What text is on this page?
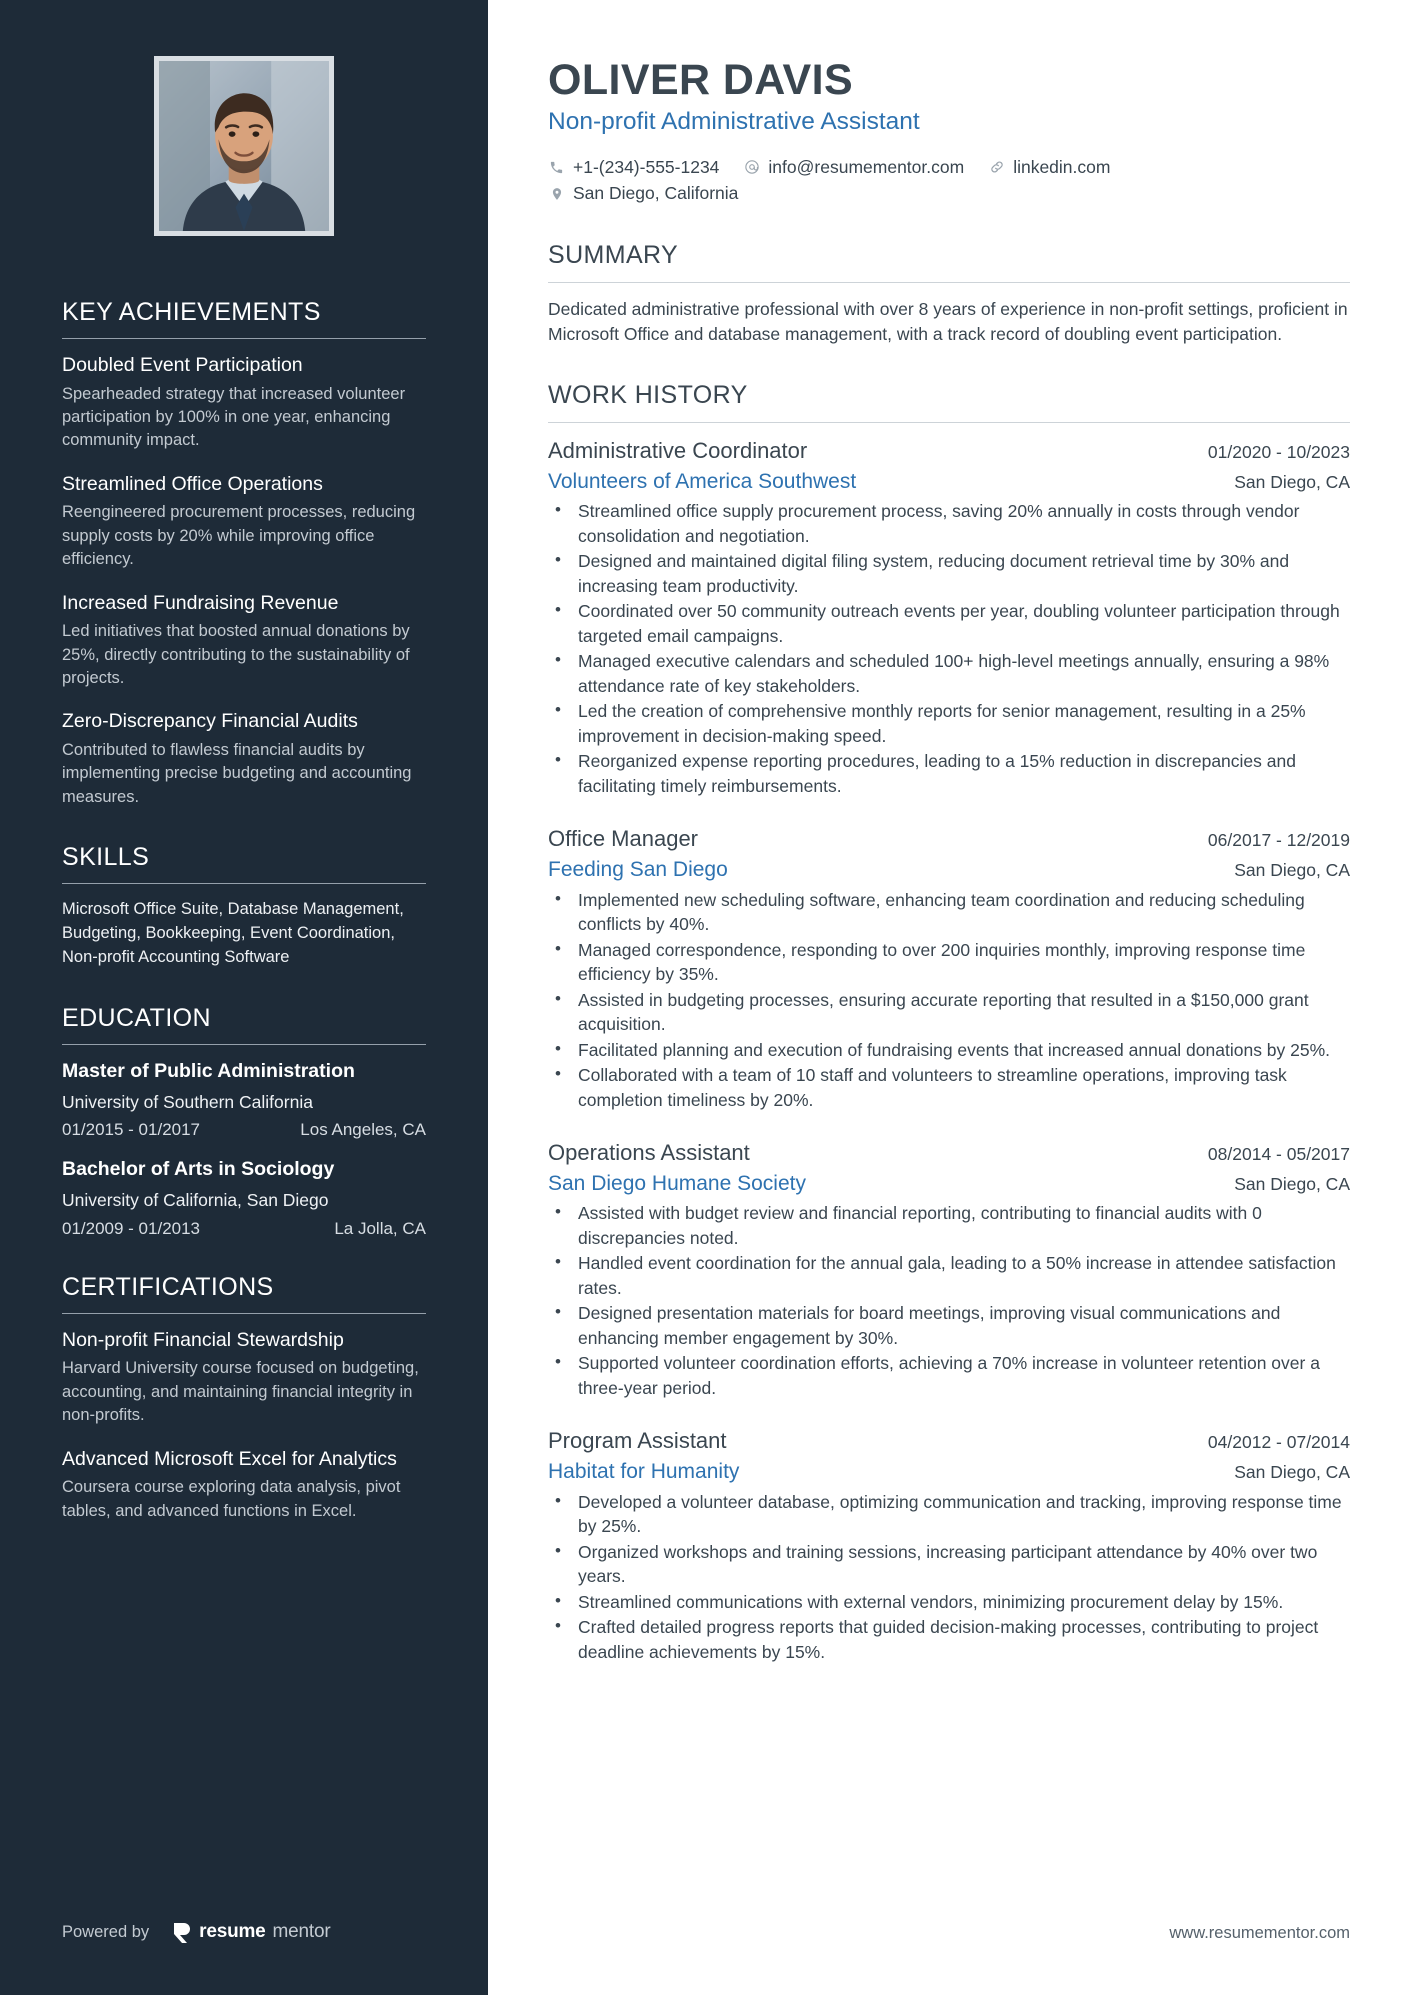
KEY ACHIEVEMENTS
Doubled Event Participation
Spearheaded strategy that increased volunteer participation by 100% in one year, enhancing community impact.
Streamlined Office Operations
Reengineered procurement processes, reducing supply costs by 20% while improving office efficiency.
Increased Fundraising Revenue
Led initiatives that boosted annual donations by 25%, directly contributing to the sustainability of projects.
Zero-Discrepancy Financial Audits
Contributed to flawless financial audits by implementing precise budgeting and accounting measures.
SKILLS
Microsoft Office Suite, Database Management, Budgeting, Bookkeeping, Event Coordination, Non-profit Accounting Software
EDUCATION
Master of Public Administration
University of Southern California
01/2015 - 01/2017	Los Angeles, CA
Bachelor of Arts in Sociology
University of California, San Diego
01/2009 - 01/2013	La Jolla, CA
CERTIFICATIONS
Non-profit Financial Stewardship
Harvard University course focused on budgeting, accounting, and maintaining financial integrity in non-profits.
Advanced Microsoft Excel for Analytics
Coursera course exploring data analysis, pivot tables, and advanced functions in Excel.
Powered by	resume mentor
OLIVER DAVIS
Non-profit Administrative Assistant
+1-(234)-555-1234	info@resumementor.com	linkedin.com
San Diego, California
SUMMARY

Dedicated administrative professional with over 8 years of experience in non-profit settings, proficient in Microsoft Office and database management, with a track record of doubling event participation.

WORK HISTORY
Administrative Coordinator	01/2020 - 10/2023
Volunteers of America Southwest	San Diego, CA
• Streamlined office supply procurement process, saving 20% annually in costs through vendor consolidation and negotiation.
• Designed and maintained digital filing system, reducing document retrieval time by 30% and increasing team productivity.
• Coordinated over 50 community outreach events per year, doubling volunteer participation through targeted email campaigns.
• Managed executive calendars and scheduled 100+ high-level meetings annually, ensuring a 98% attendance rate of key stakeholders.
• Led the creation of comprehensive monthly reports for senior management, resulting in a 25% improvement in decision-making speed.
• Reorganized expense reporting procedures, leading to a 15% reduction in discrepancies and facilitating timely reimbursements.
Office Manager	06/2017 - 12/2019
Feeding San Diego	San Diego, CA
• Implemented new scheduling software, enhancing team coordination and reducing scheduling conflicts by 40%.
• Managed correspondence, responding to over 200 inquiries monthly, improving response time efficiency by 35%.
• Assisted in budgeting processes, ensuring accurate reporting that resulted in a $150,000 grant acquisition.
• Facilitated planning and execution of fundraising events that increased annual donations by 25%.
• Collaborated with a team of 10 staff and volunteers to streamline operations, improving task completion timeliness by 20%.
Operations Assistant	08/2014 - 05/2017
San Diego Humane Society	San Diego, CA
• Assisted with budget review and financial reporting, contributing to financial audits with 0 discrepancies noted.
• Handled event coordination for the annual gala, leading to a 50% increase in attendee satisfaction rates.
• Designed presentation materials for board meetings, improving visual communications and enhancing member engagement by 30%.
• Supported volunteer coordination efforts, achieving a 70% increase in volunteer retention over a three-year period.
Program Assistant	04/2012 - 07/2014
Habitat for Humanity	San Diego, CA
• Developed a volunteer database, optimizing communication and tracking, improving response time by 25%.
• Organized workshops and training sessions, increasing participant attendance by 40% over two years.
• Streamlined communications with external vendors, minimizing procurement delay by 15%.
• Crafted detailed progress reports that guided decision-making processes, contributing to project deadline achievements by 15%.
www.resumementor.com
